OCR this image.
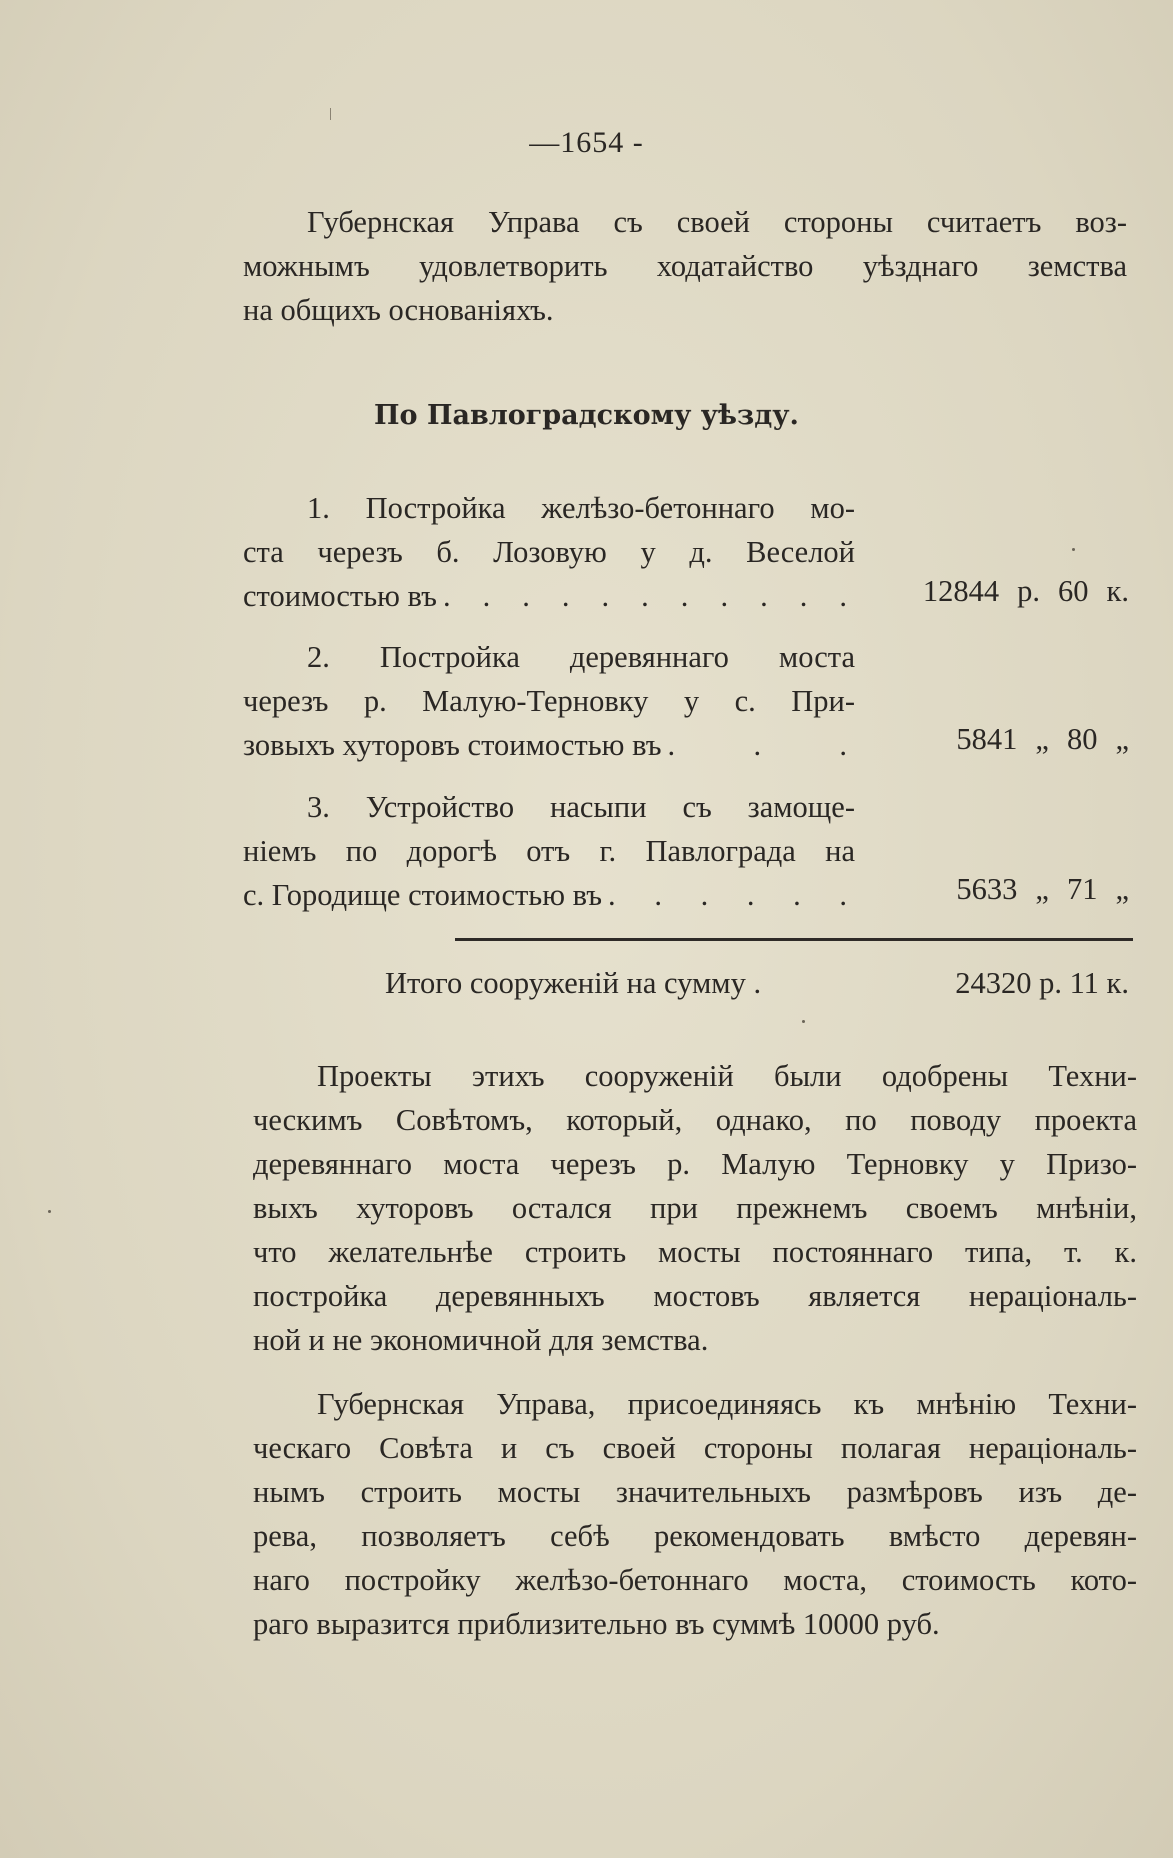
—1654 -
Губернская Управа съ своей стороны считаетъ воз-
можнымъ удовлетворить ходатайство уѣзднаго земства
на общихъ основаніяхъ.
По Павлоградскому уѣзду.
1. Постройка желѣзо-бетоннаго мо-
ста черезъ б. Лозовую у д. Веселой
стоимостью въ . . . . . . . . . . . 12844 р. 60 к.
2. Постройка деревяннаго моста
черезъ р. Малую-Терновку у с. При-
зовыхъ хуторовъ стоимостью въ . . .	5841 „ 80 „
3. Устройство насыпи съ замоще-
ніемъ по дорогѣ отъ г. Павлограда на
с. Городище стоимостью въ . . . . . .	5633 „ 71 „
Итого сооруженій на сумму .	24320 р. 11 к.
Проекты этихъ сооруженій были одобрены Техни-
ческимъ Совѣтомъ, который, однако, по поводу проекта
деревяннаго моста черезъ р. Малую Терновку у Призо-
выхъ хуторовъ остался при прежнемъ своемъ мнѣніи,
что желательнѣе строить мосты постояннаго типа, т. к.
постройка деревянныхъ мостовъ является нераціональ-
ной и не экономичной для земства.
Губернская Управа, присоединяясь къ мнѣнію Техни-
ческаго Совѣта и съ своей стороны полагая нераціональ-
нымъ строить мосты значительныхъ размѣровъ изъ де-
рева, позволяетъ себѣ рекомендовать вмѣсто деревян-
наго постройку желѣзо-бетоннаго моста, стоимость кото-
раго выразится приблизительно въ суммѣ 10000 руб.
